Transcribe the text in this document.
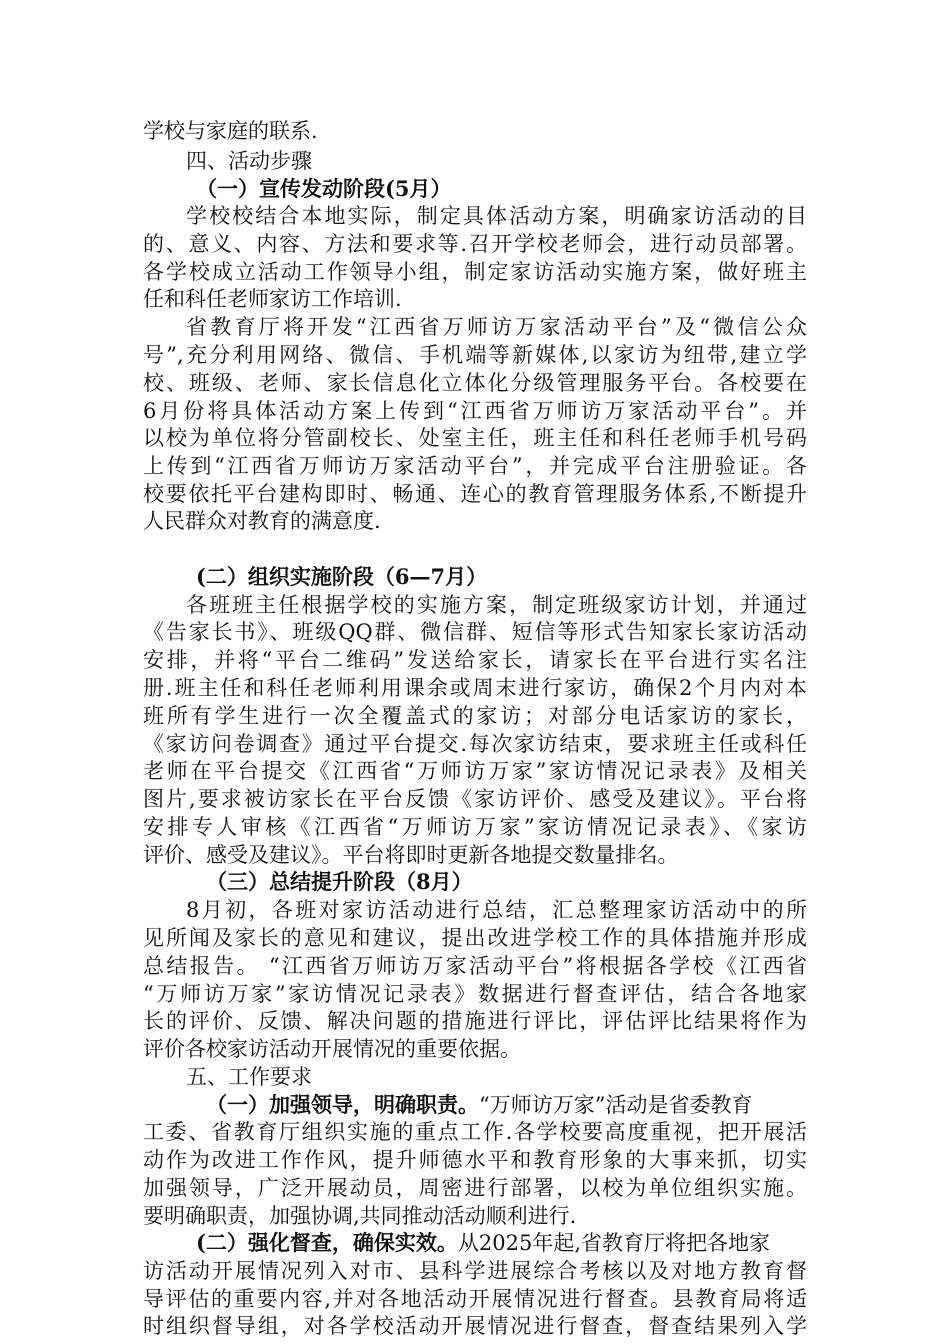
学校与家庭的联系.
四、活动步骤
（一）宣传发动阶段(5月）
学校校结合本地实际，制定具体活动方案，明确家访活动的目
的、意义、内容、方法和要求等.召开学校老师会，进行动员部署。
各学校成立活动工作领导小组，制定家访活动实施方案，做好班主
任和科任老师家访工作培训.
省教育厅将开发“江西省万师访万家活动平台”及“微信公众
号”,充分利用网络、微信、手机端等新媒体,以家访为纽带,建立学
校、班级、老师、家长信息化立体化分级管理服务平台。各校要在
6月份将具体活动方案上传到“江西省万师访万家活动平台”。并
以校为单位将分管副校长、处室主任，班主任和科任老师手机号码
上传到“江西省万师访万家活动平台”，并完成平台注册验证。各
校要依托平台建构即时、畅通、连心的教育管理服务体系,不断提升
人民群众对教育的满意度.
(二）组织实施阶段（6—7月）
各班班主任根据学校的实施方案，制定班级家访计划，并通过
《告家长书》、班级QQ群、微信群、短信等形式告知家长家访活动
安排，并将“平台二维码”发送给家长，请家长在平台进行实名注
册.班主任和科任老师利用课余或周末进行家访，确保2个月内对本
班所有学生进行一次全覆盖式的家访；对部分电话家访的家长，
《家访问卷调查》通过平台提交.每次家访结束，要求班主任或科任
老师在平台提交《江西省“万师访万家”家访情况记录表》及相关
图片,要求被访家长在平台反馈《家访评价、感受及建议》。平台将
安排专人审核《江西省“万师访万家”家访情况记录表》、《家访
评价、感受及建议》。平台将即时更新各地提交数量排名。
（三）总结提升阶段（8月）
8月初，各班对家访活动进行总结，汇总整理家访活动中的所
见所闻及家长的意见和建议，提出改进学校工作的具体措施并形成
总结报告。 “江西省万师访万家活动平台”将根据各学校《江西省
“万师访万家”家访情况记录表》数据进行督查评估，结合各地家
长的评价、反馈、解决问题的措施进行评比，评估评比结果将作为
评价各校家访活动开展情况的重要依据。
五、工作要求
（一）加强领导，明确职责。“万师访万家”活动是省委教育
工委、省教育厅组织实施的重点工作.各学校要高度重视，把开展活
动作为改进工作作风，提升师德水平和教育形象的大事来抓，切实
加强领导，广泛开展动员，周密进行部署，以校为单位组织实施。
要明确职责，加强协调,共同推动活动顺利进行.
(二）强化督查，确保实效。从2025年起,省教育厅将把各地家
访活动开展情况列入对市、县科学进展综合考核以及对地方教育督
导评估的重要内容,并对各地活动开展情况进行督查。县教育局将适
时组织督导组，对各学校活动开展情况进行督查，督查结果列入学
